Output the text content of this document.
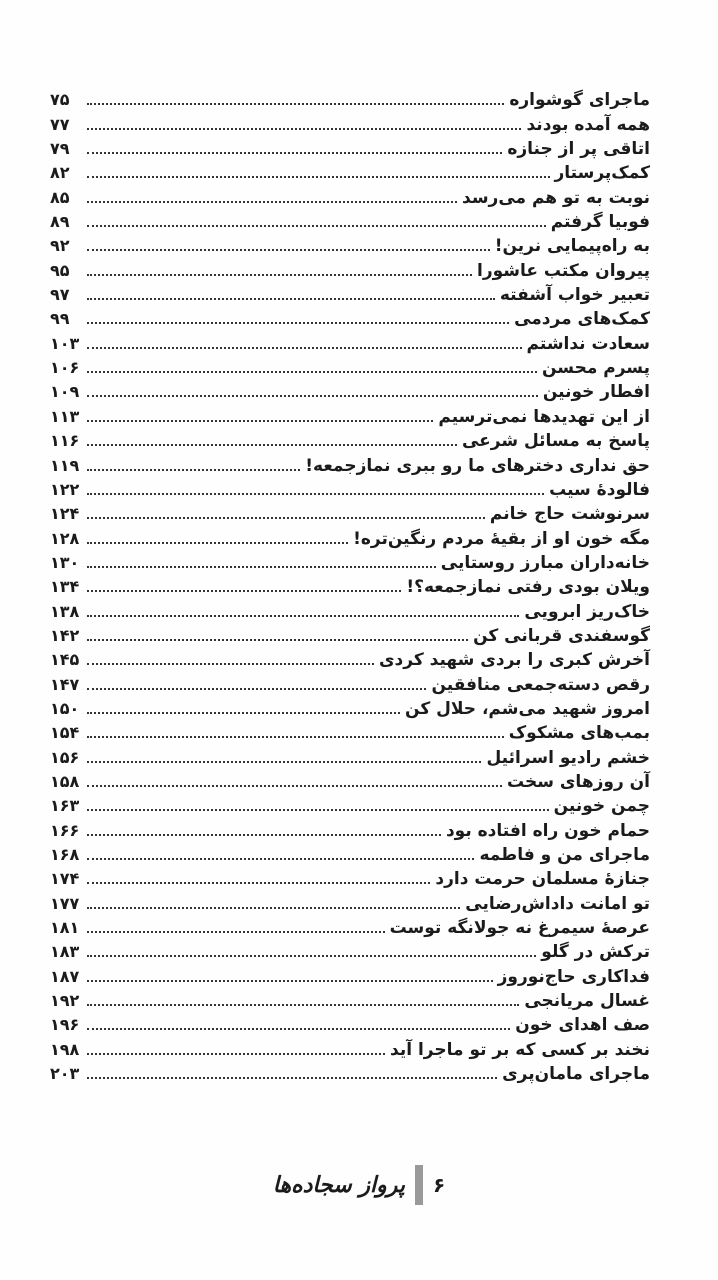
ماجرای گوشواره
۷۵
همه آمده بودند
۷۷
اتاقی پر از جنازه
۷۹
کمک‌پرستار
۸۲
نوبت به تو هم می‌رسد
۸۵
فوبیا گرفتم
۸۹
به راه‌پیمایی نرین!
۹۲
پیروان مکتب عاشورا
۹۵
تعبیر خواب آشفته
۹۷
کمک‌های مردمی
۹۹
سعادت نداشتم
۱۰۳
پسرم محسن
۱۰۶
افطار خونین
۱۰۹
از این تهدیدها نمی‌ترسیم
۱۱۳
پاسخ به مسائل شرعی
۱۱۶
حق نداری دخترهای ما رو ببری نمازجمعه!
۱۱۹
فالودهٔ سیب
۱۲۲
سرنوشت حاج خانم
۱۲۴
مگه خون او از بقیهٔ مردم رنگین‌تره!
۱۲۸
خانه‌داران مبارز روستایی
۱۳۰
ویلان بودی رفتی نمازجمعه؟!
۱۳۴
خاک‌ریز ابرویی
۱۳۸
گوسفندی قربانی کن
۱۴۲
آخرش کبری را بردی شهید کردی
۱۴۵
رقص دسته‌جمعی منافقین
۱۴۷
امروز شهید می‌شم، حلال کن
۱۵۰
بمب‌های مشکوک
۱۵۴
خشم رادیو اسرائیل
۱۵۶
آن روزهای سخت
۱۵۸
چمن خونین
۱۶۳
حمام خون راه افتاده بود
۱۶۶
ماجرای من و فاطمه
۱۶۸
جنازهٔ مسلمان حرمت دارد
۱۷۴
تو امانت داداش‌رضایی
۱۷۷
عرصهٔ سیمرغ نه جولانگه توست
۱۸۱
ترکش در گلو
۱۸۳
فداکاری حاج‌نوروز
۱۸۷
غسال مریانجی
۱۹۲
صف اهدای خون
۱۹۶
نخند بر کسی که بر تو ماجرا آید
۱۹۸
ماجرای مامان‌پری
۲۰۳
۶
پرواز سجاده‌ها
